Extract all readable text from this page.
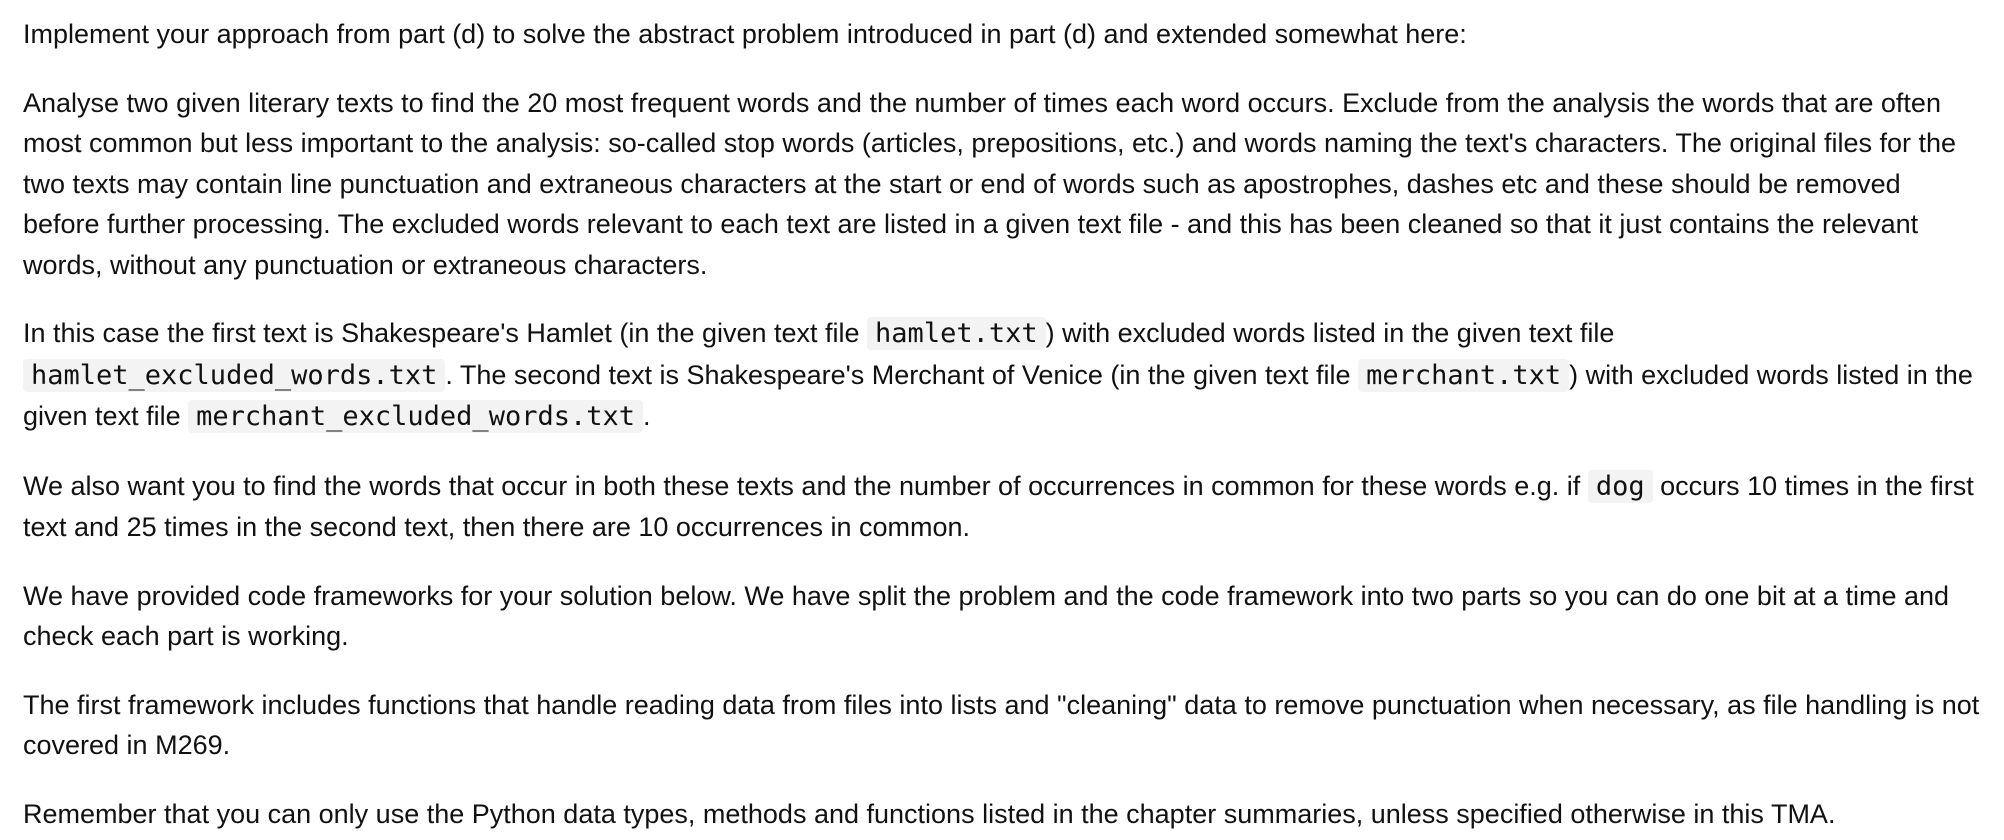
Implement your approach from part (d) to solve the abstract problem introduced in part (d) and extended somewhat here:

Analyse two given literary texts to find the 20 most frequent words and the number of times each word occurs. Exclude from the analysis the words that are often most common but less important to the analysis: so-called stop words (articles, prepositions, etc.) and words naming the text's characters. The original files for the two texts may contain line punctuation and extraneous characters at the start or end of words such as apostrophes, dashes etc and these should be removed before further processing. The excluded words relevant to each text are listed in a given text file - and this has been cleaned so that it just contains the relevant words, without any punctuation or extraneous characters.

In this case the first text is Shakespeare's Hamlet (in the given text file hamlet.txt ) with excluded words listed in the given text file hamlet_excluded_words.txt . The second text is Shakespeare's Merchant of Venice (in the given text file merchant.txt ) with excluded words listed in the given text file merchant_excluded_words.txt .

We also want you to find the words that occur in both these texts and the number of occurrences in common for these words e.g. if dog occurs 10 times in the first text and 25 times in the second text, then there are 10 occurrences in common.

We have provided code frameworks for your solution below. We have split the problem and the code framework into two parts so you can do one bit at a time and check each part is working.

The first framework includes functions that handle reading data from files into lists and "cleaning" data to remove punctuation when necessary, as file handling is not covered in M269.

Remember that you can only use the Python data types, methods and functions listed in the chapter summaries, unless specified otherwise in this TMA.
